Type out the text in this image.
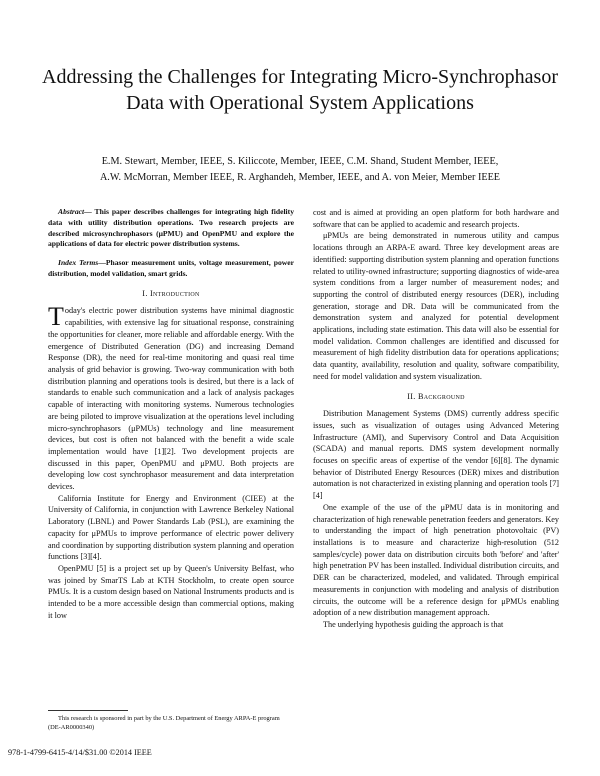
Addressing the Challenges for Integrating Micro-Synchrophasor Data with Operational System Applications

E.M. Stewart, Member, IEEE, S. Kiliccote, Member, IEEE, C.M. Shand, Student Member, IEEE,

A.W. McMorran, Member IEEE, R. Arghandeh, Member, IEEE, and A. von Meier, Member IEEE

Abstract— This paper describes challenges for integrating high fidelity data with utility distribution operations. Two research projects are described microsynchrophasors (μPMU) and OpenPMU and explore the applications of data for electric power distribution systems.

Index Terms—Phasor measurement units, voltage measurement, power distribution, model validation, smart grids.

I. Introduction

Today's electric power distribution systems have minimal diagnostic capabilities, with extensive lag for situational response, constraining the opportunities for cleaner, more reliable and affordable energy. With the emergence of Distributed Generation (DG) and increasing Demand Response (DR), the need for real-time monitoring and quasi real time analysis of grid behavior is growing. Two-way communication with both distribution planning and operations tools is desired, but there is a lack of standards to enable such communication and a lack of analysis packages capable of interacting with monitoring systems. Numerous technologies are being piloted to improve visualization at the operations level including micro-synchrophasors (μPMUs) technology and line measurement devices, but cost is often not balanced with the benefit a wide scale implementation would have [1][2]. Two development projects are discussed in this paper, OpenPMU and μPMU. Both projects are developing low cost synchrophasor measurement and data interpretation devices.

California Institute for Energy and Environment (CIEE) at the University of California, in conjunction with Lawrence Berkeley National Laboratory (LBNL) and Power Standards Lab (PSL), are examining the capacity for μPMUs to improve performance of electric power delivery and coordination by supporting distribution system planning and operation functions [3][4].

OpenPMU [5] is a project set up by Queen's University Belfast, who was joined by SmarTS Lab at KTH Stockholm, to create open source PMUs. It is a custom design based on National Instruments products and is intended to be a more accessible design than commercial options, making it low

cost and is aimed at providing an open platform for both hardware and software that can be applied to academic and research projects.

μPMUs are being demonstrated in numerous utility and campus locations through an ARPA-E award. Three key development areas are identified: supporting distribution system planning and operation functions related to utility-owned infrastructure; supporting diagnostics of wide-area system conditions from a larger number of measurement nodes; and supporting the control of distributed energy resources (DER), including generation, storage and DR. Data will be communicated from the demonstration system and analyzed for potential development applications, including state estimation. This data will also be essential for model validation. Common challenges are identified and discussed for measurement of high fidelity distribution data for operations applications; data quantity, availability, resolution and quality, software compatibility, need for model validation and system visualization.

II. Background

Distribution Management Systems (DMS) currently address specific issues, such as visualization of outages using Advanced Metering Infrastructure (AMI), and Supervisory Control and Data Acquisition (SCADA) and manual reports. DMS system development normally focuses on specific areas of expertise of the vendor [6][8]. The dynamic behavior of Distributed Energy Resources (DER) mixes and distribution automation is not characterized in existing planning and operation tools [7][4]

One example of the use of the μPMU data is in monitoring and characterization of high renewable penetration feeders and generators. Key to understanding the impact of high penetration photovoltaic (PV) installations is to measure and characterize high-resolution (512 samples/cycle) power data on distribution circuits both 'before' and 'after' high penetration PV has been installed. Individual distribution circuits, and DER can be characterized, modeled, and validated. Through empirical measurements in conjunction with modeling and analysis of distribution circuits, the outcome will be a reference design for μPMUs enabling adoption of a new distribution management approach.

The underlying hypothesis guiding the approach is that

This research is sponsored in part by the U.S. Department of Energy ARPA-E program (DE-AR0000340)
978-1-4799-6415-4/14/$31.00 ©2014 IEEE
